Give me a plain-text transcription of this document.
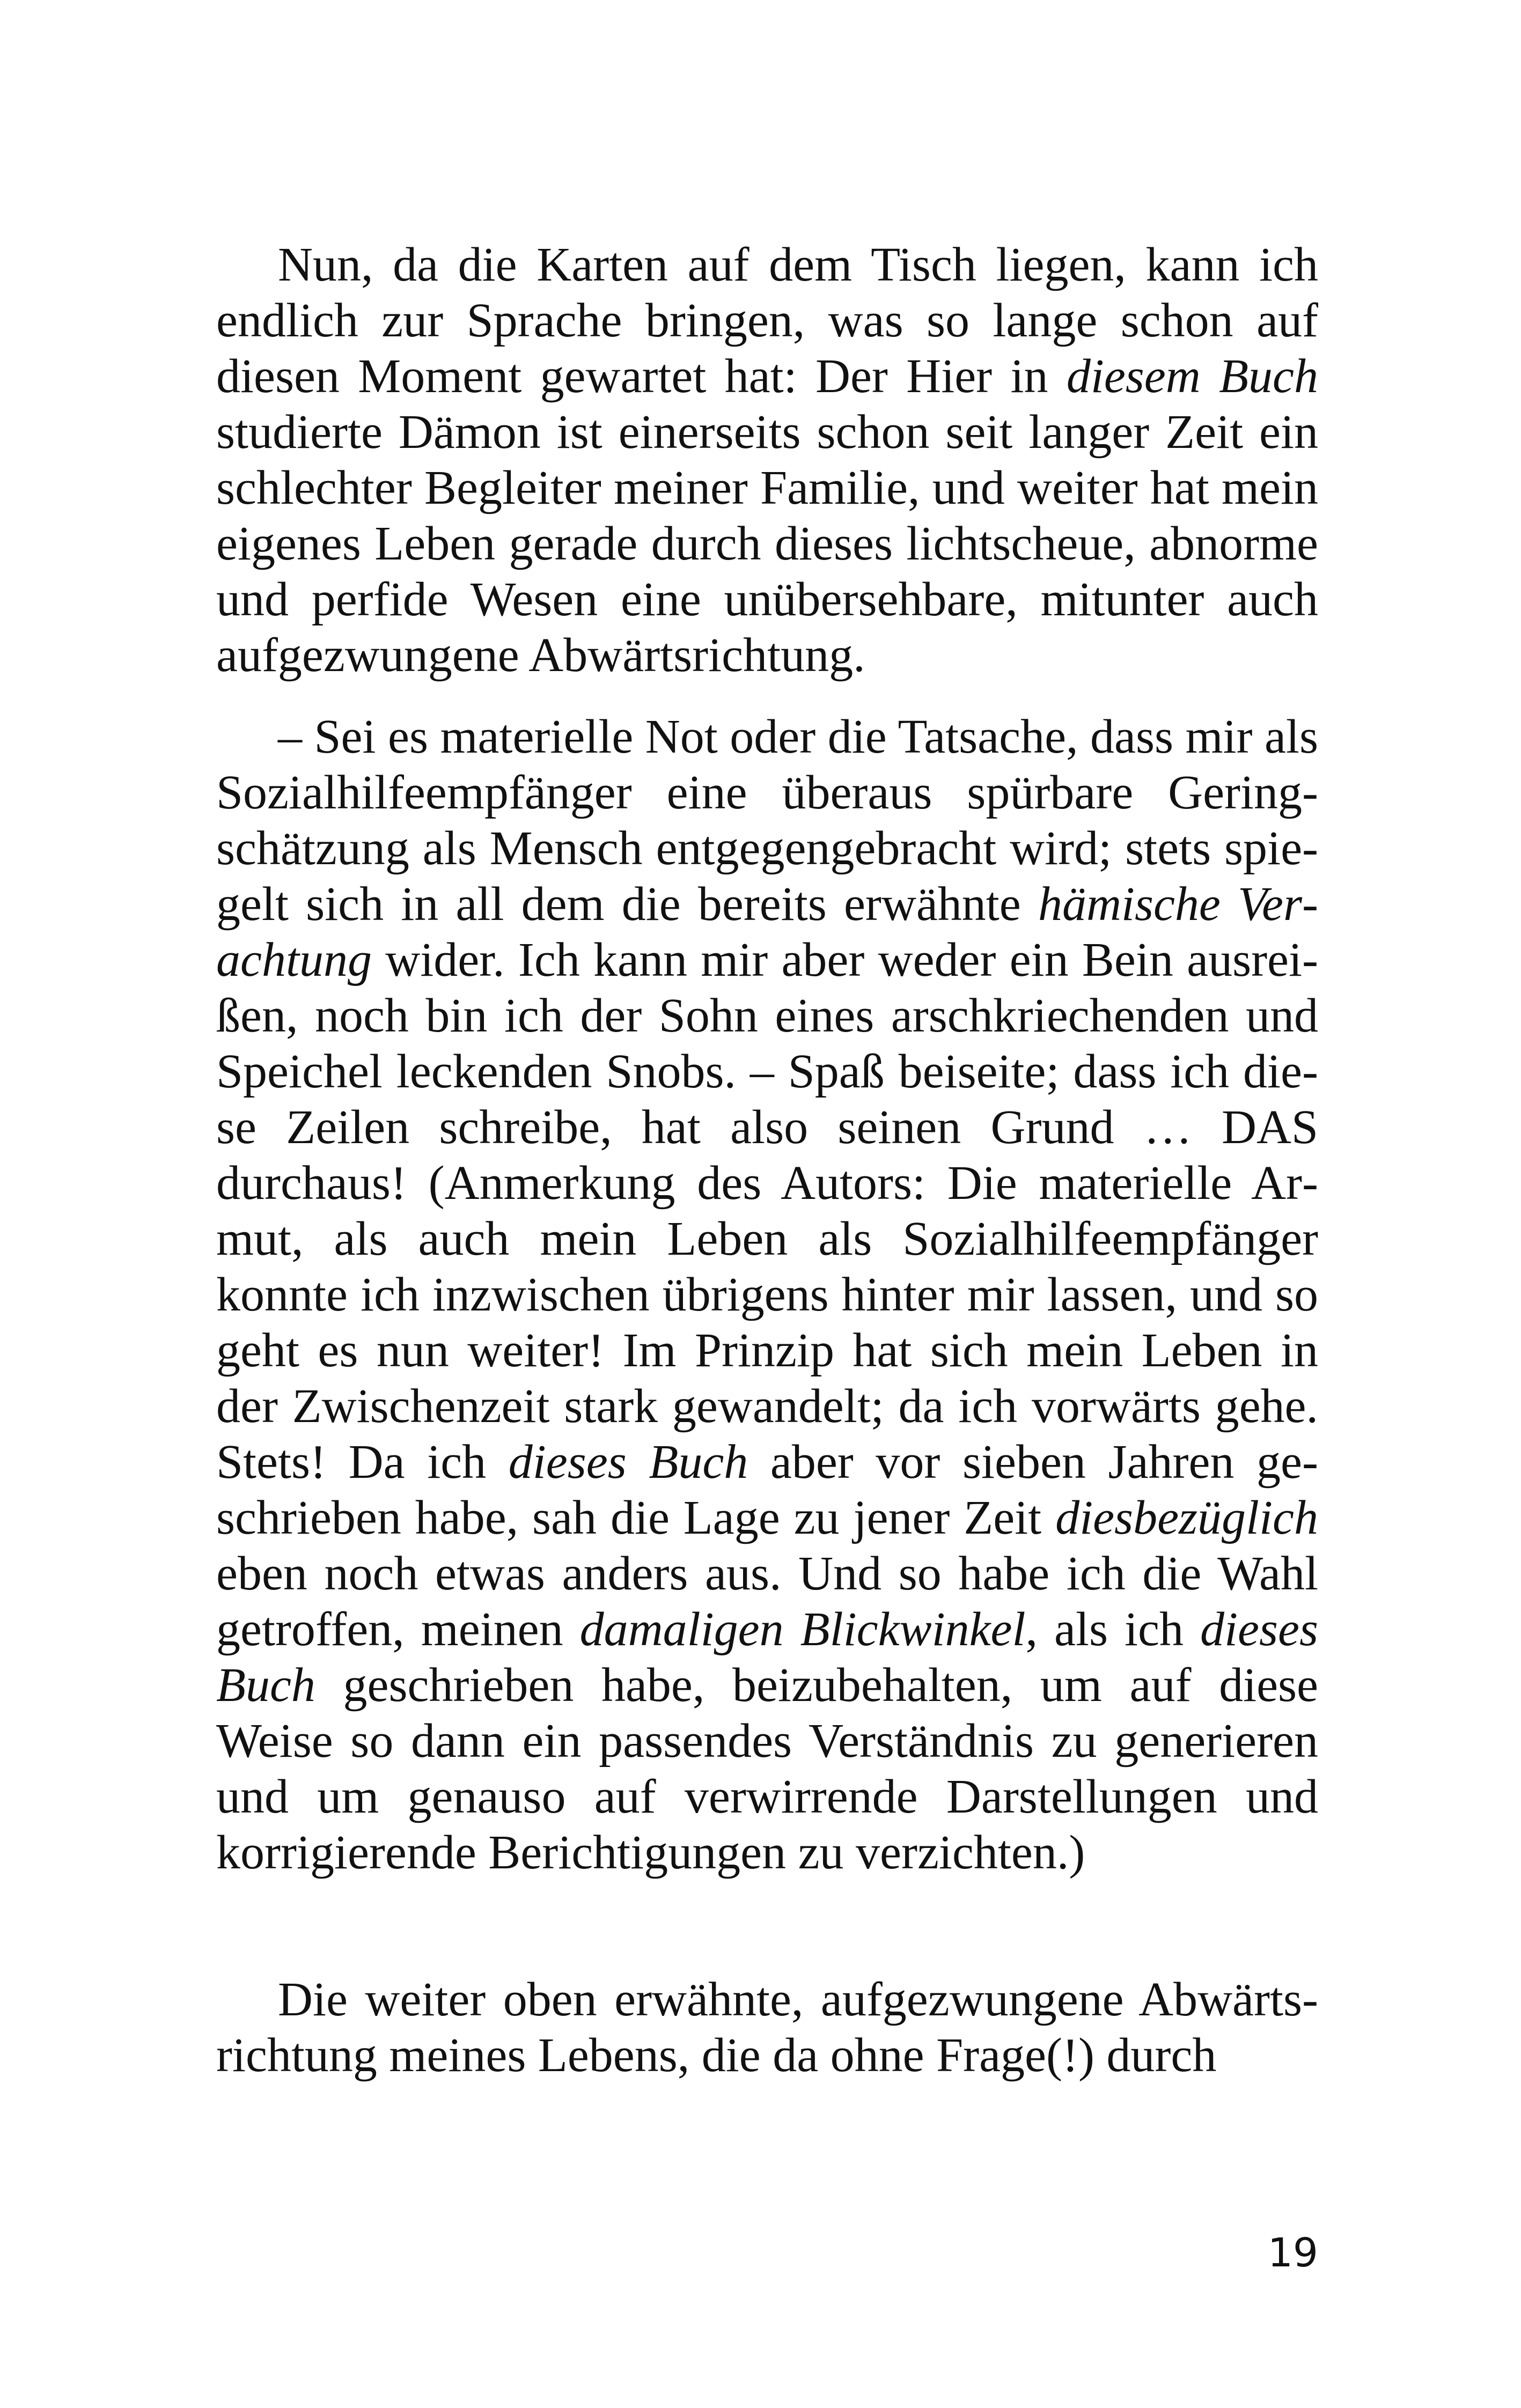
Nun, da die Karten auf dem Tisch liegen, kann ich endlich zur Sprache bringen, was so lange schon auf diesen Moment gewartet hat: Der Hier in diesem Buch studierte Dämon ist einerseits schon seit langer Zeit ein schlechter Begleiter meiner Familie, und weiter hat mein eigenes Leben gerade durch dieses lichtscheue, abnorme und perfide Wesen eine unübersehbare, mitunter auch aufgezwungene Abwärtsrichtung.

– Sei es materielle Not oder die Tatsache, dass mir als Sozialhilfeempfänger eine überaus spürbare Geringschätzung als Mensch entgegengebracht wird; stets spiegelt sich in all dem die bereits erwähnte hämische Verachtung wider. Ich kann mir aber weder ein Bein ausreißen, noch bin ich der Sohn eines arschkriechenden und Speichel leckenden Snobs. – Spaß beiseite; dass ich diese Zeilen schreibe, hat also seinen Grund … DAS durchaus! (Anmerkung des Autors: Die materielle Armut, als auch mein Leben als Sozialhilfeempfänger konnte ich inzwischen übrigens hinter mir lassen, und so geht es nun weiter! Im Prinzip hat sich mein Leben in der Zwischenzeit stark gewandelt; da ich vorwärts gehe. Stets! Da ich dieses Buch aber vor sieben Jahren geschrieben habe, sah die Lage zu jener Zeit diesbezüglich eben noch etwas anders aus. Und so habe ich die Wahl getroffen, meinen damaligen Blickwinkel, als ich dieses Buch geschrieben habe, beizubehalten, um auf diese Weise so dann ein passendes Verständnis zu generieren und um genauso auf verwirrende Darstellungen und korrigierende Berichtigungen zu verzichten.)

Die weiter oben erwähnte, aufgezwungene Abwärtsrichtung meines Lebens, die da ohne Frage(!) durch

19
